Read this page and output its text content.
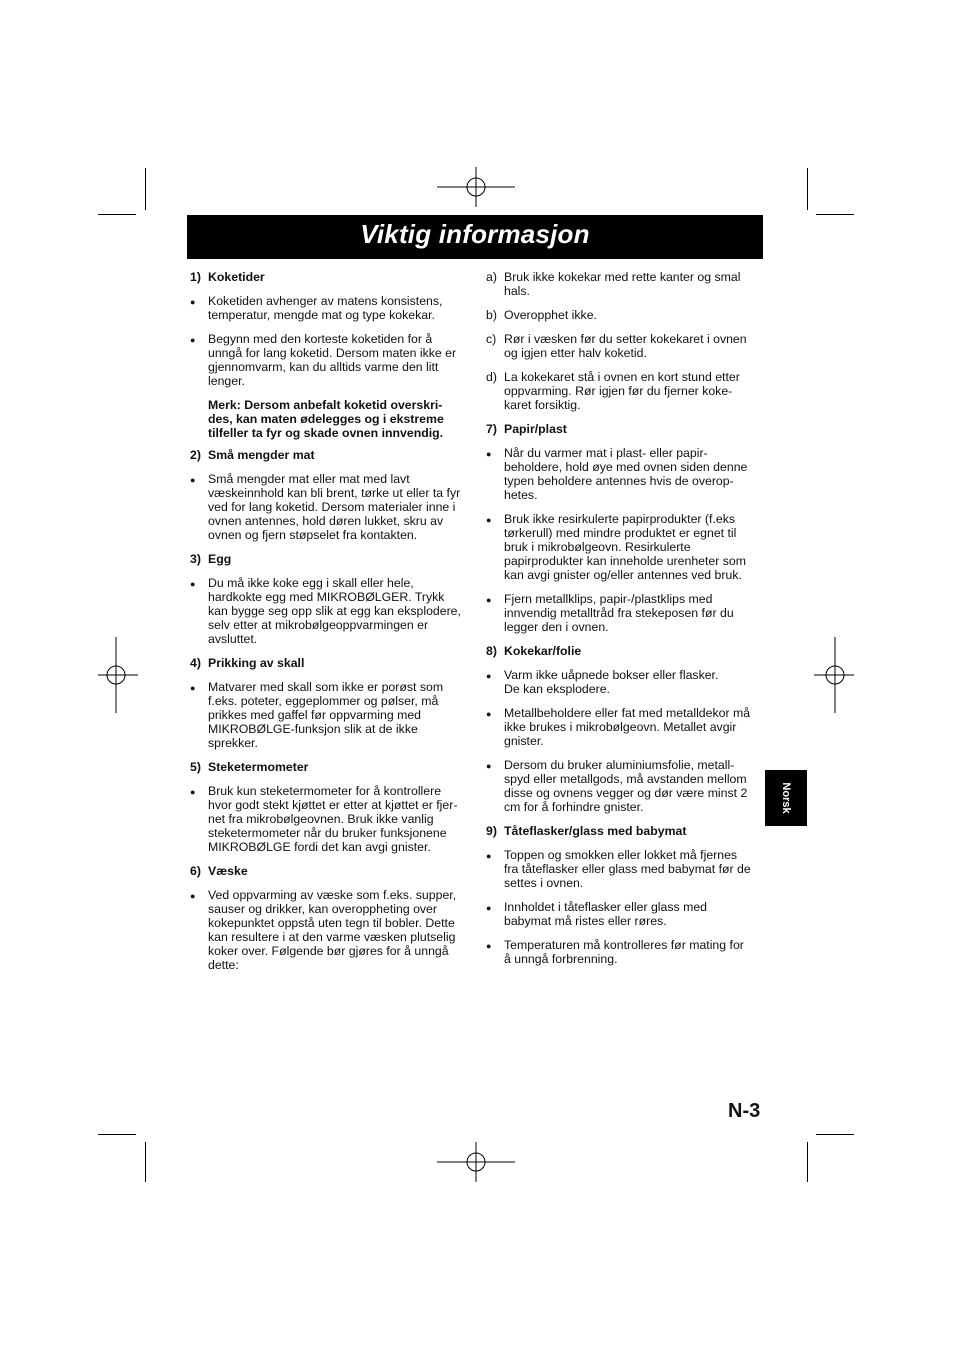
Viktig informasjon
1) Koketider
● Koketiden avhenger av matens konsistens,
temperatur, mengde mat og type kokekar.
● Begynn med den korteste koketiden for å
unngå for lang koketid. Dersom maten ikke er
gjennomvarm, kan du alltids varme den litt
lenger.
Merk: Dersom anbefalt koketid overskri-
des, kan maten ødelegges og i ekstreme
tilfeller ta fyr og skade ovnen innvendig.
2) Små mengder mat
● Små mengder mat eller mat med lavt
væskeinnhold kan bli brent, tørke ut eller ta fyr
ved for lang koketid. Dersom materialer inne i
ovnen antennes, hold døren lukket, skru av
ovnen og fjern støpselet fra kontakten.
3) Egg
● Du må ikke koke egg i skall eller hele,
hardkokte egg med MIKROBØLGER. Trykk
kan bygge seg opp slik at egg kan eksplodere,
selv etter at mikrobølgeoppvarmingen er
avsluttet.
4) Prikking av skall
● Matvarer med skall som ikke er porøst som
f.eks. poteter, eggeplommer og pølser, må
prikkes med gaffel før oppvarming med
MIKROBØLGE-funksjon slik at de ikke
sprekker.
5) Steketermometer
● Bruk kun steketermometer for å kontrollere
hvor godt stekt kjøttet er etter at kjøttet er fjer-
net fra mikrobølgeovnen. Bruk ikke vanlig
steketermometer når du bruker funksjonene
MIKROBØLGE fordi det kan avgi gnister.
6) Væske
● Ved oppvarming av væske som f.eks. supper,
sauser og drikker, kan overoppheting over
kokepunktet oppstå uten tegn til bobler. Dette
kan resultere i at den varme væsken plutselig
koker over. Følgende bør gjøres for å unngå
dette:
a) Bruk ikke kokekar med rette kanter og smal
hals.
b) Overopphet ikke.
c) Rør i væsken før du setter kokekaret i ovnen
og igjen etter halv koketid.
d) La kokekaret stå i ovnen en kort stund etter
oppvarming. Rør igjen før du fjerner koke-
karet forsiktig.
7) Papir/plast
● Når du varmer mat i plast- eller papir-
beholdere, hold øye med ovnen siden denne
typen beholdere antennes hvis de overop-
hetes.
● Bruk ikke resirkulerte papirprodukter (f.eks
tørkerull) med mindre produktet er egnet til
bruk i mikrobølgeovn. Resirkulerte
papirprodukter kan inneholde urenheter som
kan avgi gnister og/eller antennes ved bruk.
● Fjern metallklips, papir-/plastklips med
innvendig metalltråd fra stekeposen før du
legger den i ovnen.
8) Kokekar/folie
● Varm ikke uåpnede bokser eller flasker.
De kan eksplodere.
● Metallbeholdere eller fat med metalldekor må
ikke brukes i mikrobølgeovn. Metallet avgir
gnister.
● Dersom du bruker aluminiumsfolie, metall-
spyd eller metallgods, må avstanden mellom
disse og ovnens vegger og dør være minst 2
cm for å forhindre gnister.
9) Tåteflasker/glass med babymat
● Toppen og smokken eller lokket må fjernes
fra tåteflasker eller glass med babymat før de
settes i ovnen.
● Innholdet i tåteflasker eller glass med
babymat må ristes eller røres.
● Temperaturen må kontrolleres før mating for
å unngå forbrenning.
Norsk
N-3
